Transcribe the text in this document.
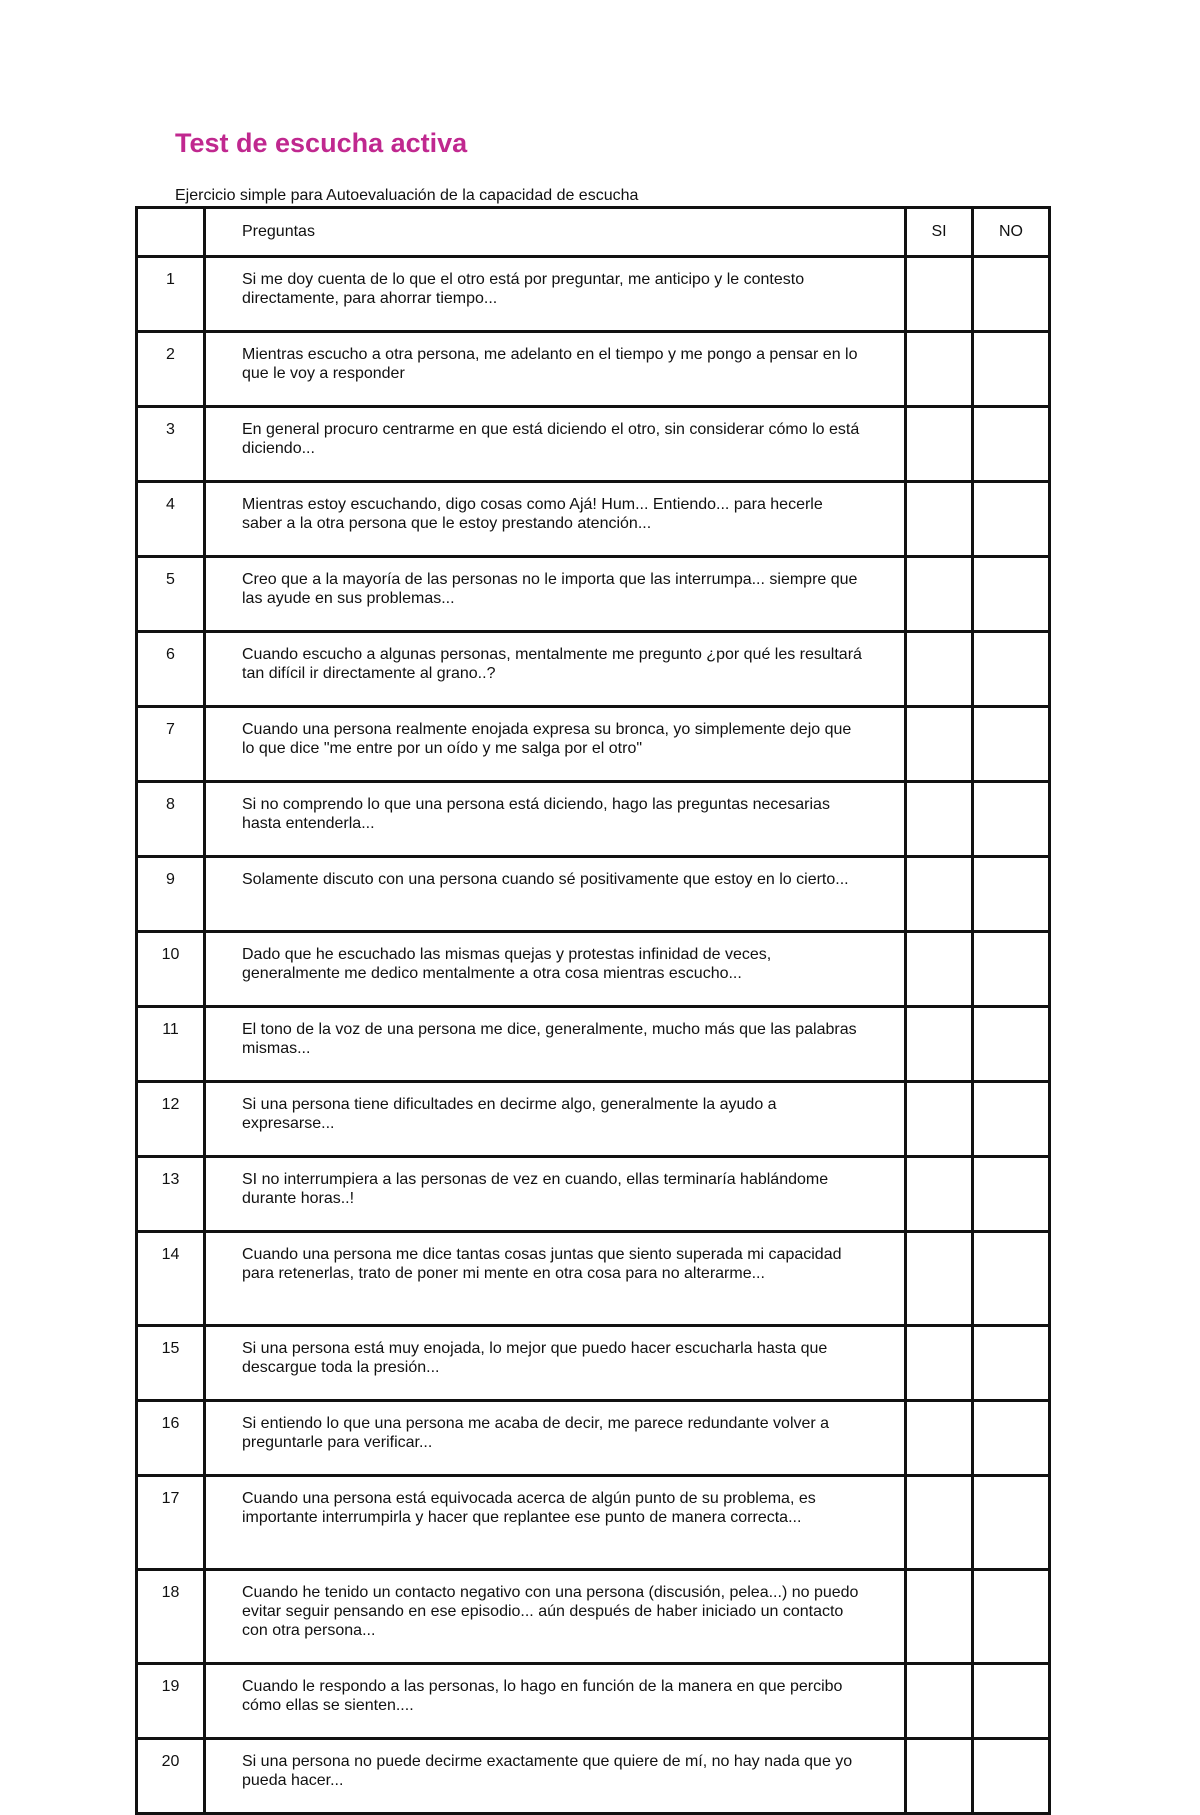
Test de escucha activa
Ejercicio simple para Autoevaluación de la capacidad de escucha
	Preguntas	SI	NO
1	Si me doy cuenta de lo que el otro está por preguntar, me anticipo y le contesto directamente, para ahorrar tiempo...		
2	Mientras escucho a otra persona, me adelanto en el tiempo y me pongo a pensar en lo que le voy a responder		
3	En general procuro centrarme en que está diciendo el otro, sin considerar cómo lo está diciendo...		
4	Mientras estoy escuchando, digo cosas como Ajá! Hum... Entiendo... para hecerle saber a la otra persona que le estoy prestando atención...		
5	Creo que a la mayoría de las personas no le importa que las interrumpa... siempre que las ayude en sus problemas...		
6	Cuando escucho a algunas personas, mentalmente me pregunto ¿por qué les resultará tan difícil ir directamente al grano..?		
7	Cuando una persona realmente enojada expresa su bronca, yo simplemente dejo que lo que dice "me entre por un oído y me salga por el otro"		
8	Si no comprendo lo que una persona está diciendo, hago las preguntas necesarias hasta entenderla...		
9	Solamente discuto con una persona cuando sé positivamente que estoy en lo cierto...		
10	Dado que he escuchado las mismas quejas y protestas infinidad de veces, generalmente me dedico mentalmente a otra cosa mientras escucho...		
11	El tono de la voz de una persona me dice, generalmente, mucho más que las palabras mismas...		
12	Si una persona tiene dificultades en decirme algo, generalmente la ayudo a expresarse...		
13	SI no interrumpiera a las personas de vez en cuando, ellas terminaría hablándome durante horas..!		
14	Cuando una persona me dice tantas cosas juntas que siento superada mi capacidad para retenerlas, trato de poner mi mente en otra cosa para no alterarme...		
15	Si una persona está muy enojada, lo mejor que puedo hacer escucharla hasta que descargue toda la presión...		
16	Si entiendo lo que una persona me acaba de decir, me parece redundante volver a preguntarle para verificar...		
17	Cuando una persona está equivocada acerca de algún punto de su problema, es importante interrumpirla y hacer que replantee ese punto de manera correcta...		
18	Cuando he tenido un contacto negativo con una persona (discusión, pelea...) no puedo evitar seguir pensando en ese episodio... aún después de haber iniciado un contacto con otra persona...		
19	Cuando le respondo a las personas, lo hago en función de la manera en que percibo cómo ellas se sienten....		
20	Si una persona no puede decirme exactamente que quiere de mí, no hay nada que yo pueda hacer...		
